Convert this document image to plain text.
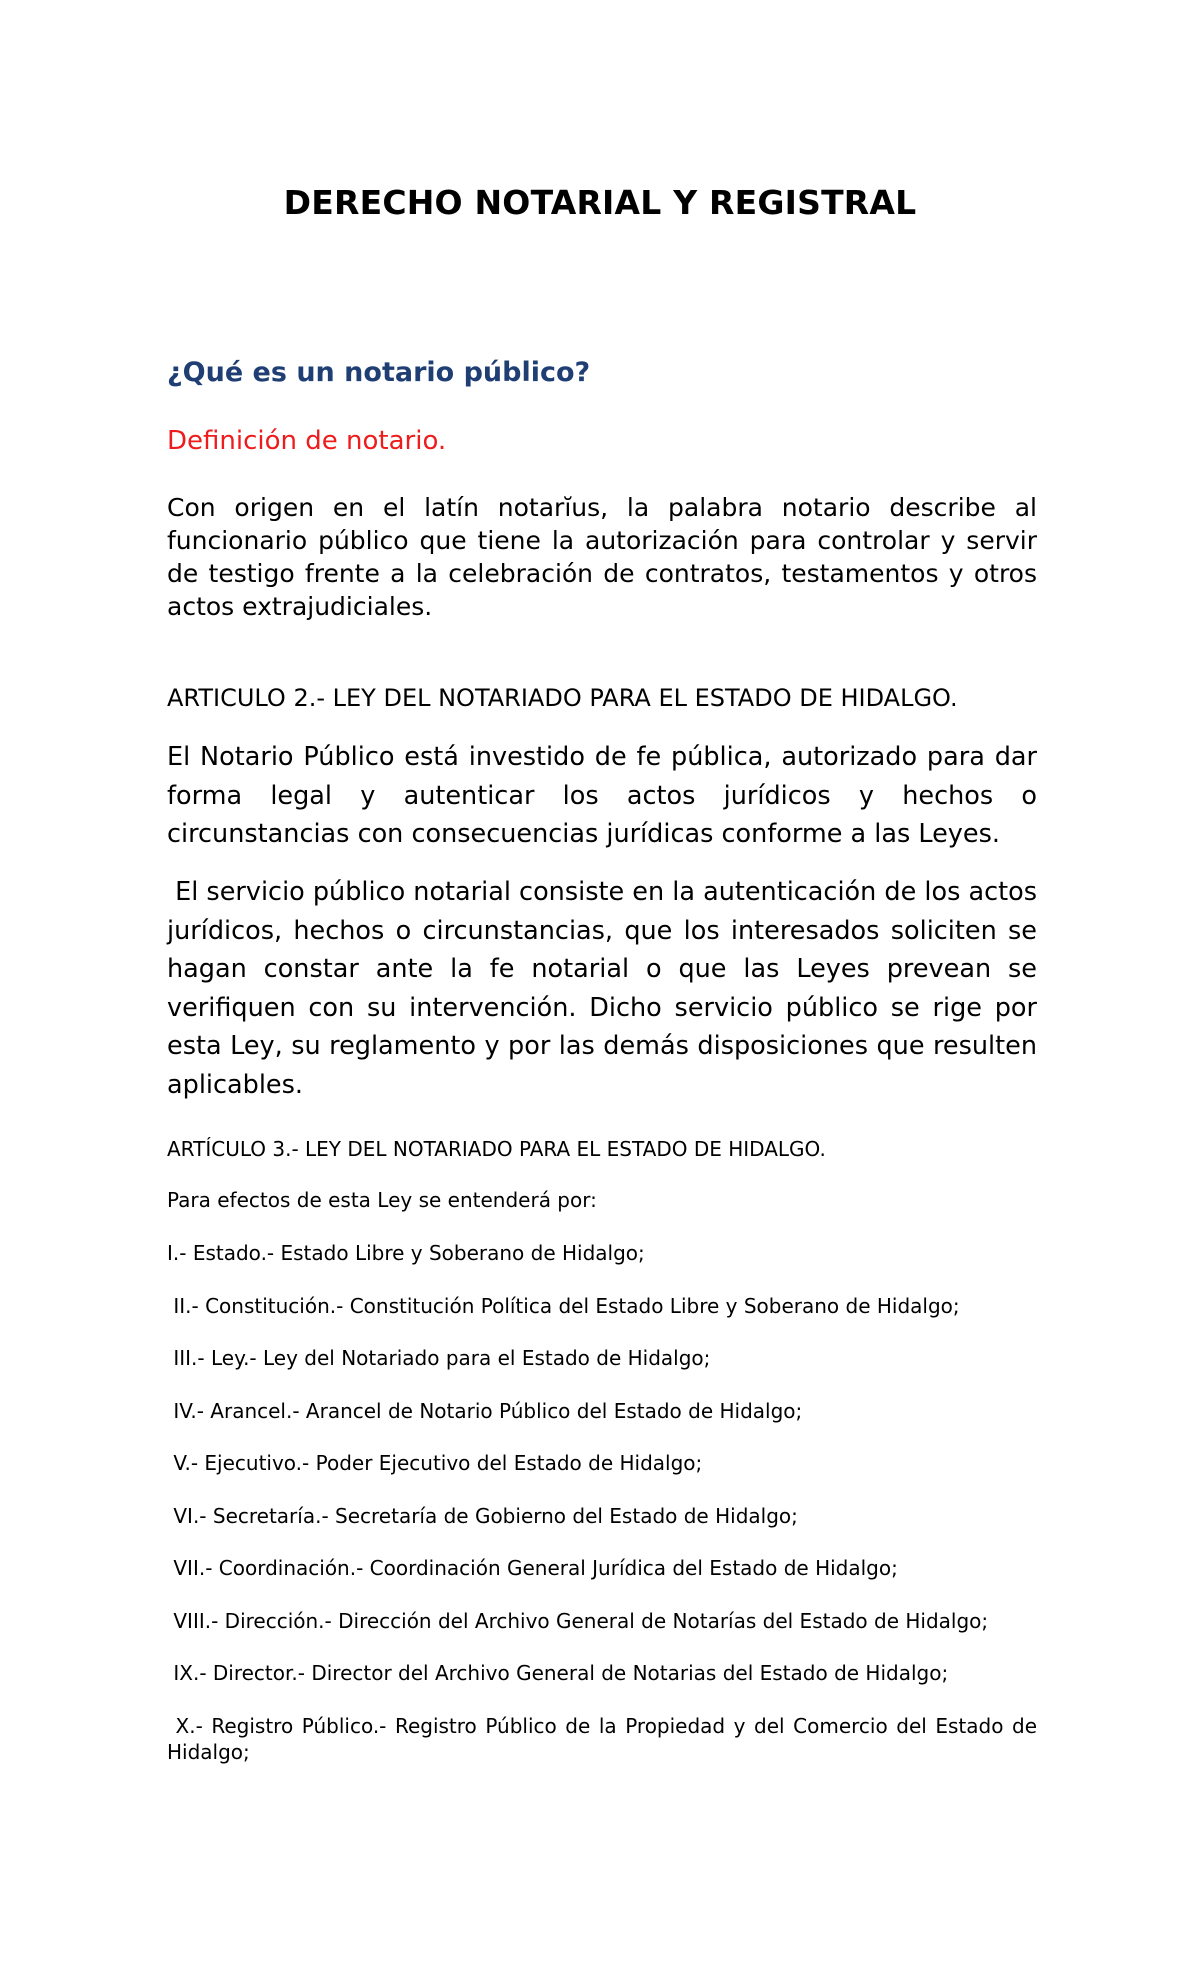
DERECHO NOTARIAL Y REGISTRAL
¿Qué es un notario público?
Definición de notario.
Con origen en el latín notarĭus, la palabra notario describe al funcionario público que tiene la autorización para controlar y servir de testigo frente a la celebración de contratos, testamentos y otros actos extrajudiciales.
ARTICULO 2.- LEY DEL NOTARIADO PARA EL ESTADO DE HIDALGO.
El Notario Público está investido de fe pública, autorizado para dar forma legal y autenticar los actos jurídicos y hechos o circunstancias con consecuencias jurídicas conforme a las Leyes.
El servicio público notarial consiste en la autenticación de los actos jurídicos, hechos o circunstancias, que los interesados soliciten se hagan constar ante la fe notarial o que las Leyes prevean se verifiquen con su intervención. Dicho servicio público se rige por esta Ley, su reglamento y por las demás disposiciones que resulten aplicables.
ARTÍCULO 3.- LEY DEL NOTARIADO PARA EL ESTADO DE HIDALGO.
Para efectos de esta Ley se entenderá por:
I.- Estado.- Estado Libre y Soberano de Hidalgo;
II.- Constitución.- Constitución Política del Estado Libre y Soberano de Hidalgo;
III.- Ley.- Ley del Notariado para el Estado de Hidalgo;
IV.- Arancel.- Arancel de Notario Público del Estado de Hidalgo;
V.- Ejecutivo.- Poder Ejecutivo del Estado de Hidalgo;
VI.- Secretaría.- Secretaría de Gobierno del Estado de Hidalgo;
VII.- Coordinación.- Coordinación General Jurídica del Estado de Hidalgo;
VIII.- Dirección.- Dirección del Archivo General de Notarías del Estado de Hidalgo;
IX.- Director.- Director del Archivo General de Notarias del Estado de Hidalgo;
X.- Registro Público.- Registro Público de la Propiedad y del Comercio del Estado de Hidalgo;
